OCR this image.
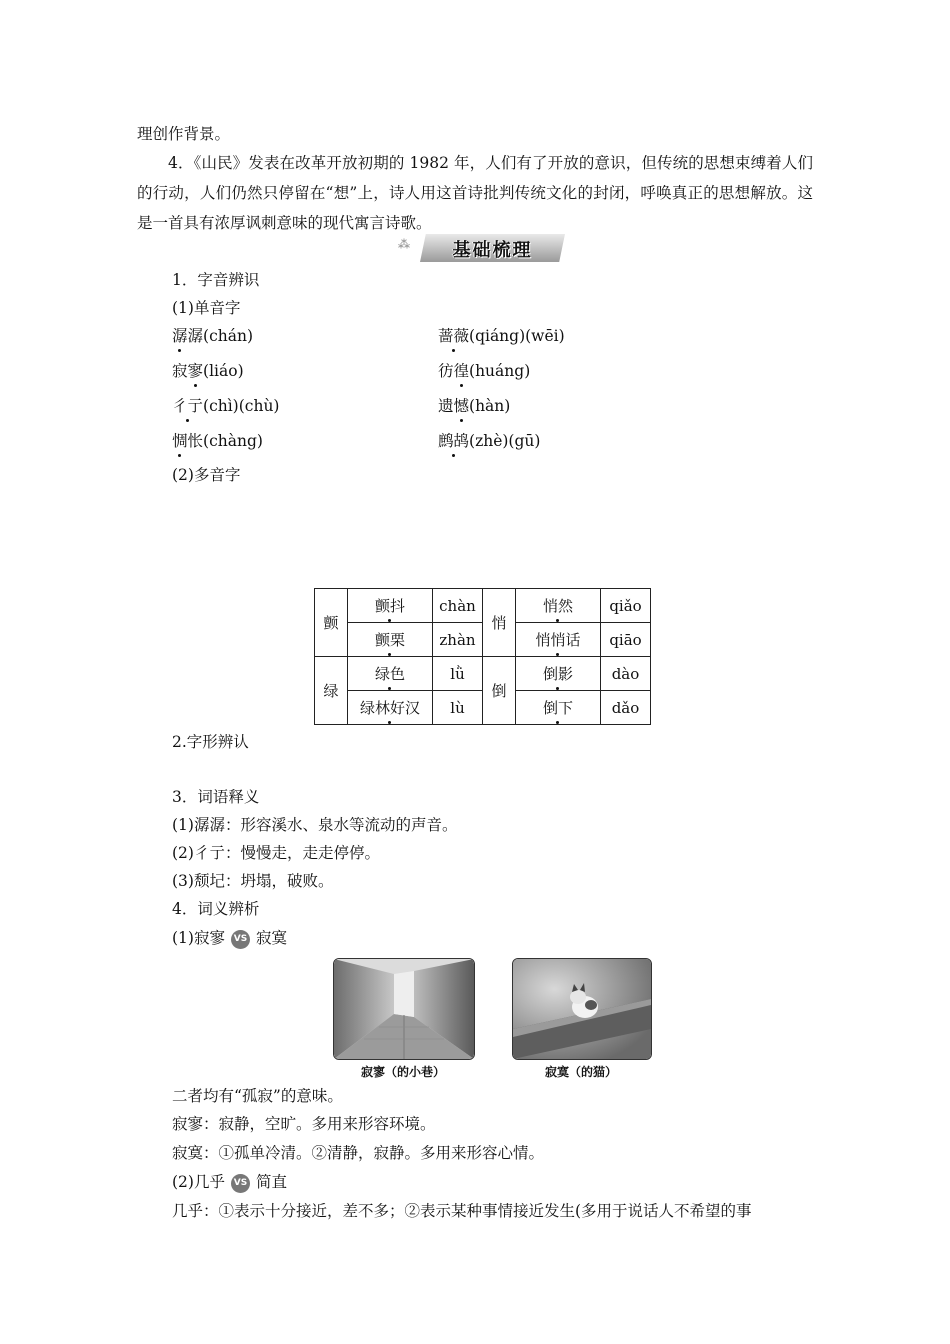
理创作背景。
4．《山民》发表在改革开放初期的 1982 年，人们有了开放的意识，但传统的思想束缚着人们的行动，人们仍然只停留在“想”上，诗人用这首诗批判传统文化的封闭，呼唤真正的思想解放。这是一首具有浓厚讽刺意味的现代寓言诗歌。
⁂	基础梳理
1．字音辨识
(1)单音字
潺潺(chán)	蔷薇(qiáng)(wēi)
寂寥(liáo)	彷徨(huáng)
彳亍(chì)(chù)	遗憾(hàn)
惆怅(chàng)	鹧鸪(zhè)(gū)
(2)多音字
颤	颤抖	chàn	悄	悄然	qiǎo
	颤栗	zhàn		悄悄话	qiāo
绿	绿色	lǜ	倒	倒影	dào
	绿林好汉	lù		倒下	dǎo
2.字形辨认
3．词语释义
(1)潺潺：形容溪水、泉水等流动的声音。
(2)彳亍：慢慢走，走走停停。
(3)颓圮：坍塌，破败。
4．词义辨析
(1)寂寥 VS 寂寞
寂寥（的小巷）	寂寞（的猫）
二者均有“孤寂”的意味。
寂寥：寂静，空旷。多用来形容环境。
寂寞：①孤单冷清。②清静，寂静。多用来形容心情。
(2)几乎 VS 简直
几乎：①表示十分接近，差不多；②表示某种事情接近发生(多用于说话人不希望的事
